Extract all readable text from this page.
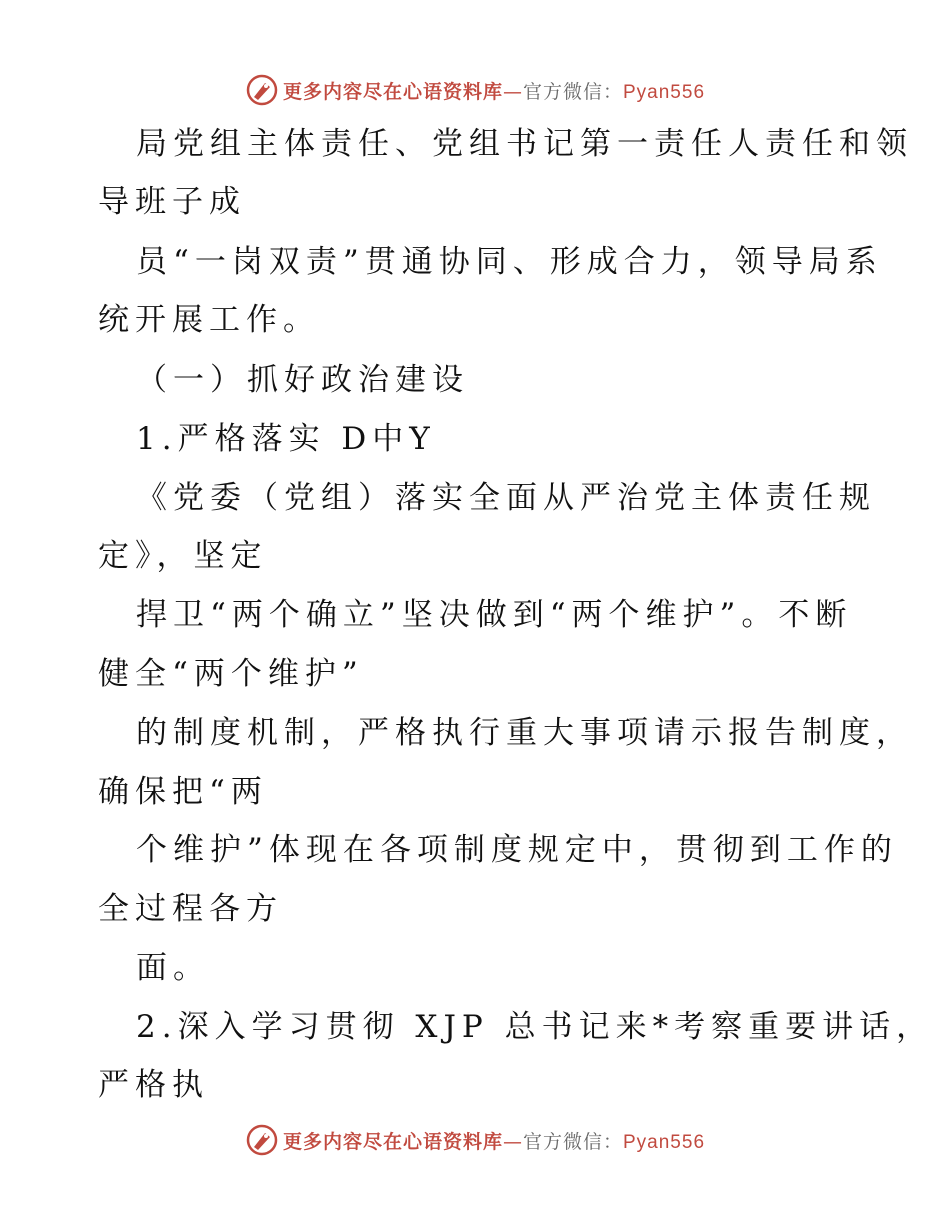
更多内容尽在心语资料库—官方微信：Pyan556
局党组主体责任、党组书记第一责任人责任和领
导班子成
员“一岗双责”贯通协同、形成合力，领导局系
统开展工作。
（一）抓好政治建设
1.严格落实 D中Y
《党委（党组）落实全面从严治党主体责任规
定》，坚定
捍卫“两个确立”坚决做到“两个维护”。不断
健全“两个维护”
的制度机制，严格执行重大事项请示报告制度，
确保把“两
个维护”体现在各项制度规定中，贯彻到工作的
全过程各方
面。
2.深入学习贯彻 XJP 总书记来*考察重要讲话，
严格执
更多内容尽在心语资料库—官方微信：Pyan556
